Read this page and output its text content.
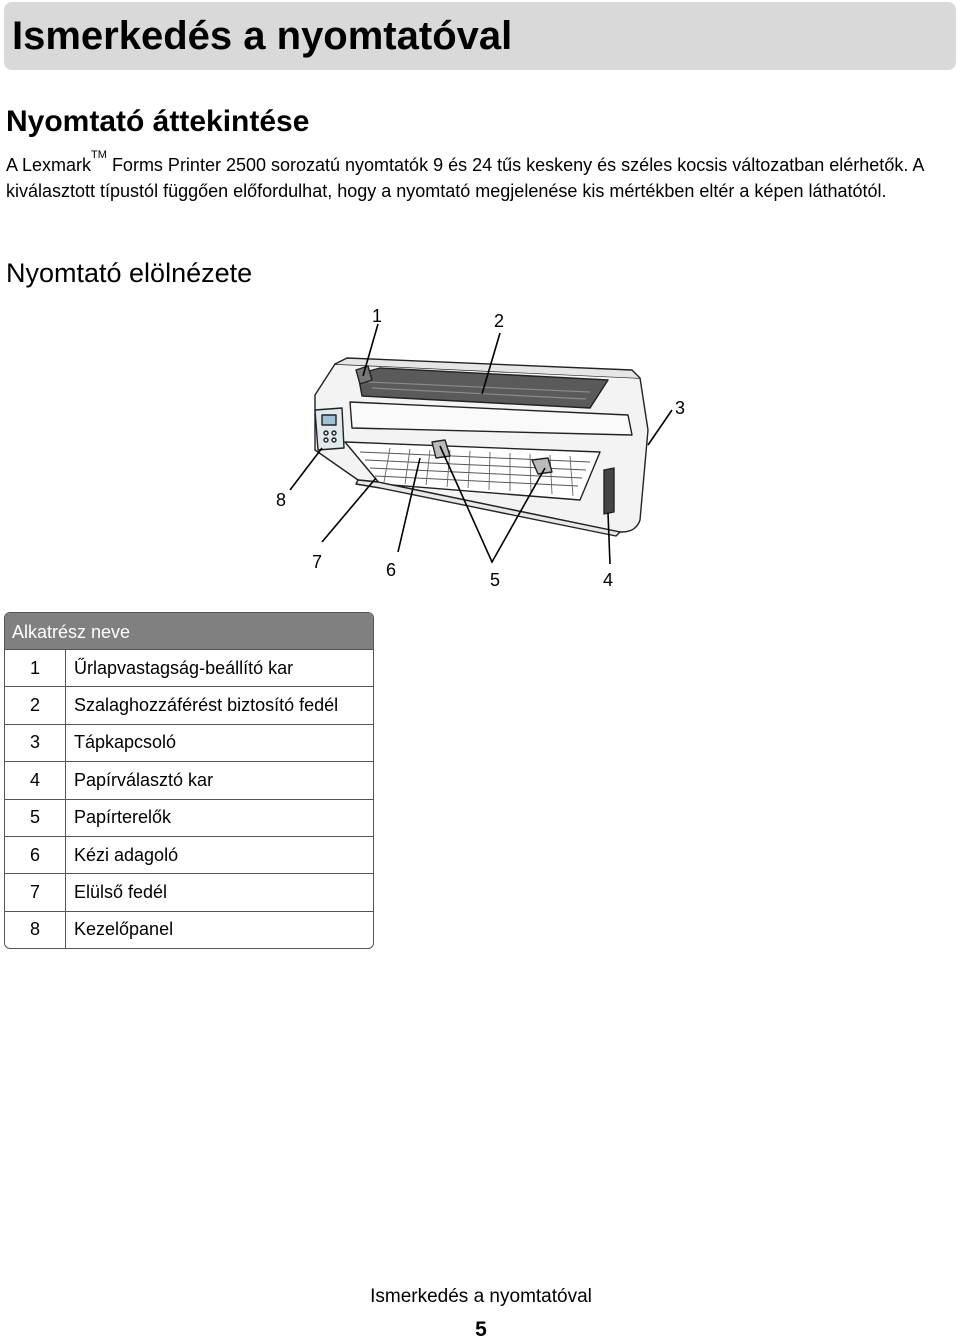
Ismerkedés a nyomtatóval
Nyomtató áttekintése

A Lexmark™ Forms Printer 2500 sorozatú nyomtatók 9 és 24 tűs keskeny és széles kocsis változatban elérhetők. A kiválasztott típustól függően előfordulhat, hogy a nyomtató megjelenése kis mértékben eltér a képen láthatótól.

Nyomtató elölnézete
1	2
3
4
5
6
7
8
Alkatrész neve
1	Űrlapvastagság-beállító kar
2	Szalaghozzáférést biztosító fedél
3	Tápkapcsoló
4	Papírválasztó kar
5	Papírterelők
6	Kézi adagoló
7	Elülső fedél
8	Kezelőpanel
Ismerkedés a nyomtatóval
5
